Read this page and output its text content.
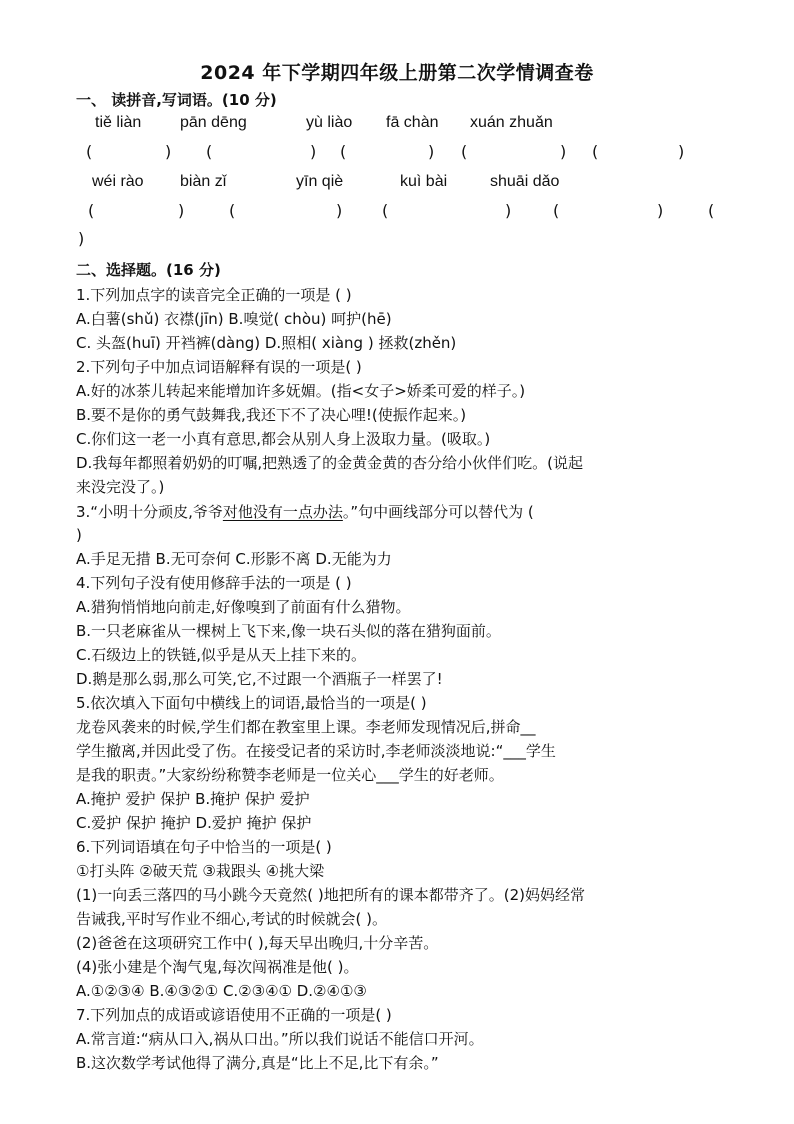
2024 年下学期四年级上册第二次学情调查卷
一、 读拼音,写词语。(10 分)
tiě liàn pān dēng	yù liào fā chàn xuán zhuǎn
(	) (	) (	) (	) (	)
wéi rào biàn zǐ	yīn qiè	kuì bài	shuāi dǎo
(	)	(	) (	)	(	)	(
)
二、选择题。(16 分)
1.下列加点字的读音完全正确的一项是 ( )
A.白薯(shǔ) 衣襟(jīn) B.嗅觉( chòu) 呵护(hē)
C. 头盔(huī) 开裆裤(dàng) D.照相( xiàng ) 拯救(zhěn)
2.下列句子中加点词语解释有误的一项是( )
A.好的冰茶儿转起来能增加许多妩媚。(指<女子>娇柔可爱的样子。)
B.要不是你的勇气鼓舞我,我还下不了决心哩!(使振作起来。)
C.你们这一老一小真有意思,都会从别人身上汲取力量。(吸取。)
D.我每年都照着奶奶的叮嘱,把熟透了的金黄金黄的杏分给小伙伴们吃。(说起
来没完没了。)
3.“小明十分顽皮,爷爷对他没有一点办法。”句中画线部分可以替代为 (
)
A.手足无措 B.无可奈何 C.形影不离 D.无能为力
4.下列句子没有使用修辞手法的一项是 ( )
A.猎狗悄悄地向前走,好像嗅到了前面有什么猎物。
B.一只老麻雀从一棵树上飞下来,像一块石头似的落在猎狗面前。
C.石级边上的铁链,似乎是从天上挂下来的。
D.鹅是那么弱,那么可笑,它,不过跟一个酒瓶子一样罢了!
5.依次填入下面句中横线上的词语,最恰当的一项是( )
龙卷风袭来的时候,学生们都在教室里上课。李老师发现情况后,拼命__
学生撤离,并因此受了伤。在接受记者的采访时,李老师淡淡地说:“___学生
是我的职责。”大家纷纷称赞李老师是一位关心___学生的好老师。
A.掩护 爱护 保护 B.掩护 保护 爱护
C.爱护 保护 掩护 D.爱护 掩护 保护
6.下列词语填在句子中恰当的一项是( )
①打头阵 ②破天荒 ③栽跟头 ④挑大梁
(1)一向丢三落四的马小跳今天竟然( )地把所有的课本都带齐了。(2)妈妈经常
告诫我,平时写作业不细心,考试的时候就会( )。
(2)爸爸在这项研究工作中( ),每天早出晚归,十分辛苦。
(4)张小建是个淘气鬼,每次闯祸准是他( )。
A.①②③④ B.④③②① C.②③④① D.②④①③
7.下列加点的成语或谚语使用不正确的一项是( )
A.常言道:“病从口入,祸从口出。”所以我们说话不能信口开河。
B.这次数学考试他得了满分,真是“比上不足,比下有余。”
